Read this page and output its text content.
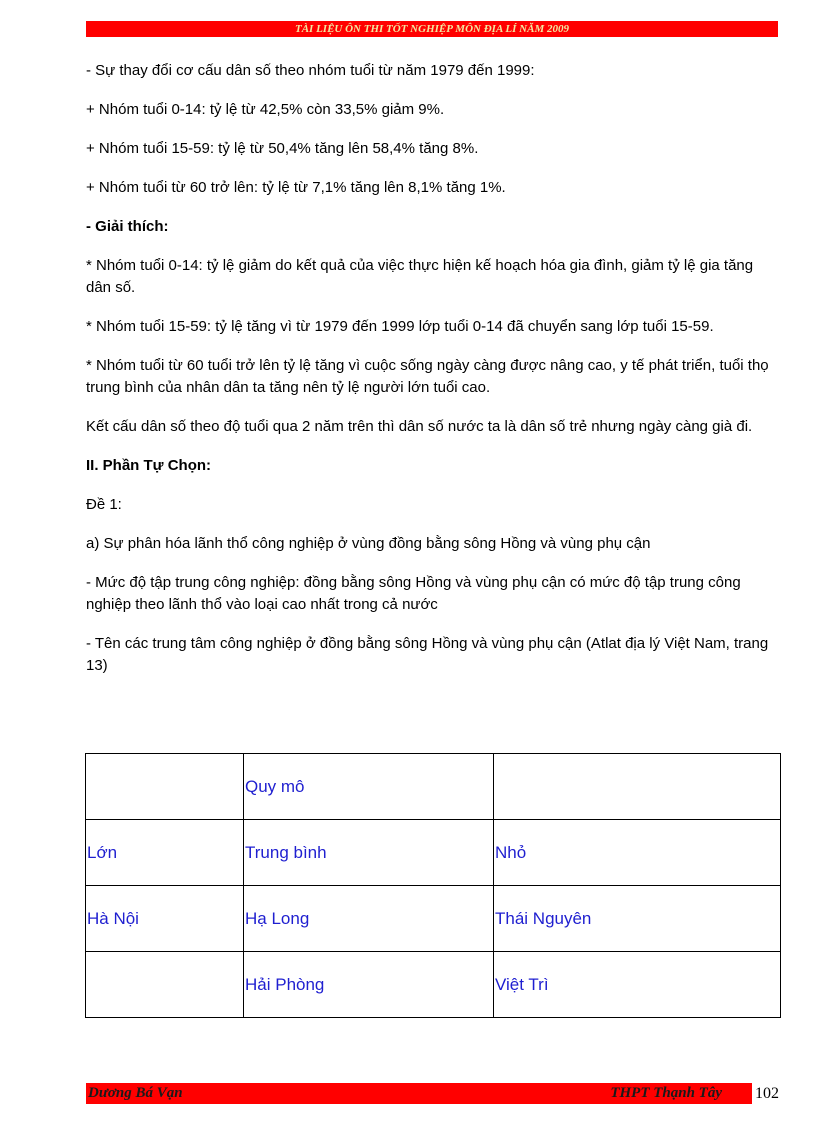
TÀI LIỆU ÔN THI TỐT NGHIỆP MÔN ĐỊA LÍ NĂM 2009

- Sự thay đổi cơ cấu dân số theo nhóm tuổi từ năm 1979 đến 1999:

+ Nhóm tuổi 0-14: tỷ lệ từ 42,5% còn 33,5% giảm 9%.

+ Nhóm tuổi 15-59: tỷ lệ từ 50,4% tăng lên 58,4% tăng 8%.

+ Nhóm tuổi từ 60 trở lên: tỷ lệ từ 7,1% tăng lên 8,1% tăng 1%.

- Giải thích:

* Nhóm tuổi 0-14: tỷ lệ giảm do kết quả của việc thực hiện kế hoạch hóa gia đình, giảm tỷ lệ gia tăng dân số.

* Nhóm tuổi 15-59: tỷ lệ tăng vì từ 1979 đến 1999 lớp tuổi 0-14 đã chuyển sang lớp tuổi 15-59.

* Nhóm tuổi từ 60 tuổi trở lên tỷ lệ tăng vì cuộc sống ngày càng được nâng cao, y tế phát triển, tuổi thọ trung bình của nhân dân ta tăng nên tỷ lệ người lớn tuổi cao.

Kết cấu dân số theo độ tuổi qua 2 năm trên thì dân số nước ta là dân số trẻ nhưng ngày càng già đi.

II. Phần Tự Chọn:

Đề 1:

a) Sự phân hóa lãnh thổ công nghiệp ở vùng đồng bằng sông Hồng và vùng phụ cận

- Mức độ tập trung công nghiệp: đồng bằng sông Hồng và vùng phụ cận có mức độ tập trung công nghiệp theo lãnh thổ vào loại cao nhất trong cả nước

- Tên các trung tâm công nghiệp ở đồng bằng sông Hồng và vùng phụ cận (Atlat địa lý Việt Nam, trang 13)

	Quy mô	
Lớn	Trung bình	Nhỏ
Hà Nội	Hạ Long	Thái Nguyên
	Hải Phòng	Việt Trì
Dương Bá Vạn	THPT Thạnh Tây 102
